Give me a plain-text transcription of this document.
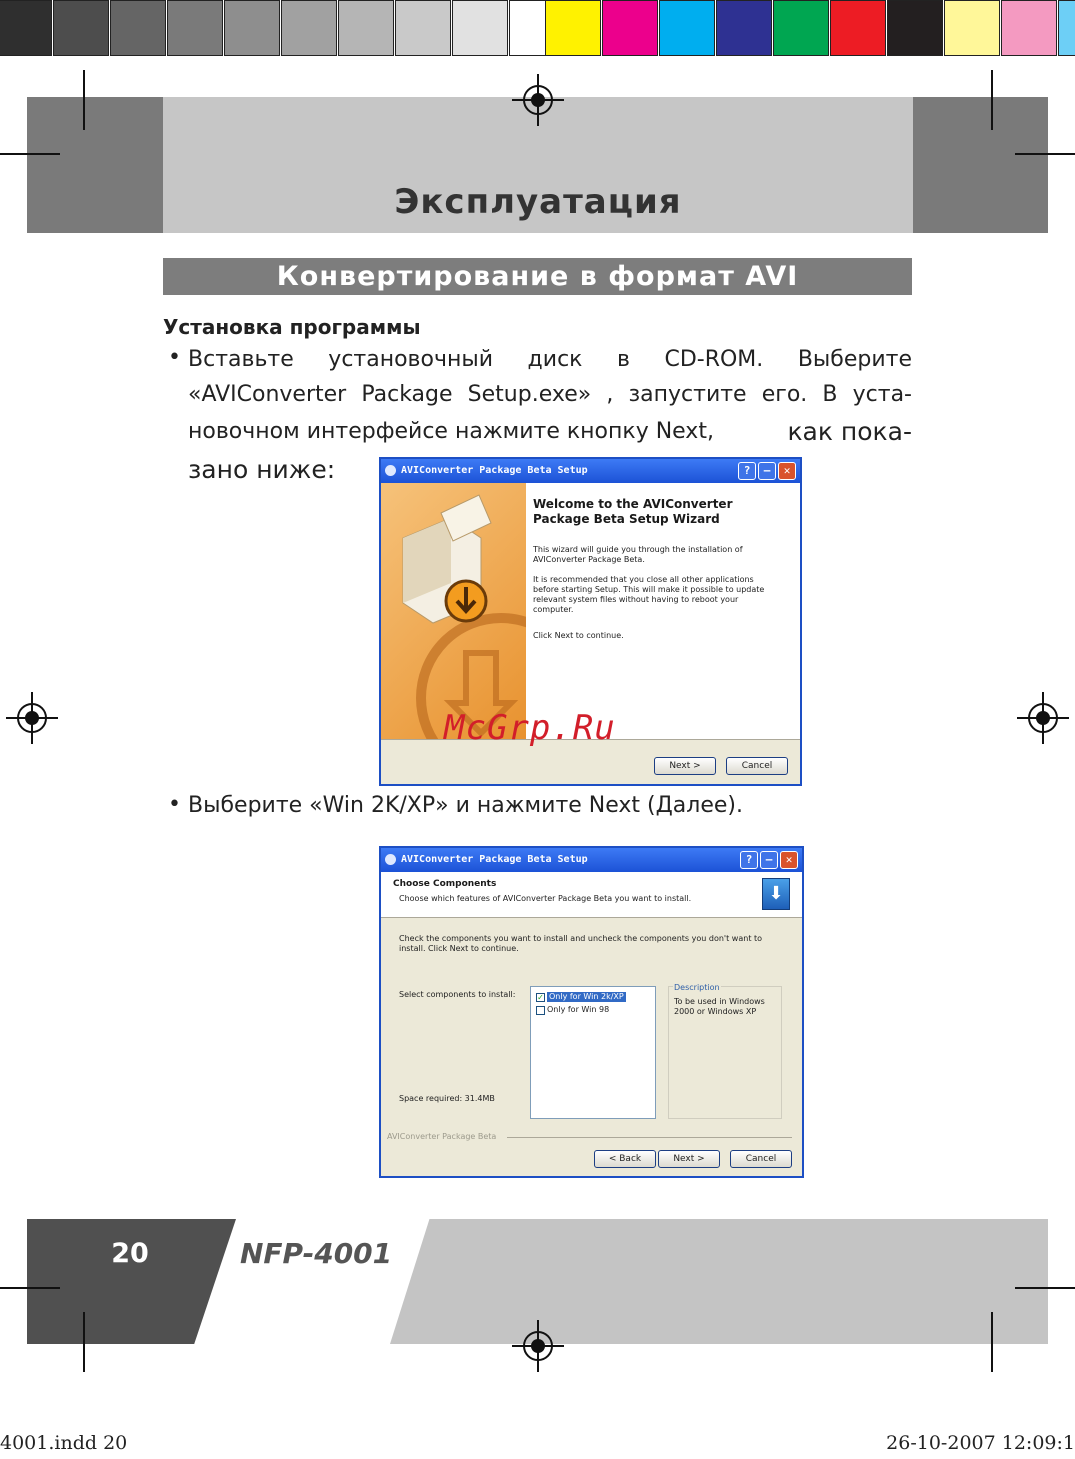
Эксплуатация
Конвертирование в формат AVI
Установка программы
• Вставьте установочный диск в CD-ROM. Выберите
«AVIConverter Package Setup.exe» , запустите его. В уста-
новочном интерфейсе нажмите кнопку Next,	как пока-
зано ниже:	AVIConverter Package Beta Setup	?	–	✕
Welcome to the AVIConverter Package Beta Setup Wizard
This wizard will guide you through the installation of AVIConverter Package Beta.
It is recommended that you close all other applications before starting Setup. This will make it possible to update relevant system files without having to reboot your computer.
Click Next to continue.
Next >	Cancel
McGrp.Ru
• Выберите «Win 2K/XP» и нажмите Next (Далее).
AVIConverter Package Beta Setup	?	–	✕
Choose Components
Choose which features of AVIConverter Package Beta you want to install.	⬇
Check the components you want to install and uncheck the components you don't want to install. Click Next to continue.
Select components to install:	✓ Only for Win 2k/XP
Only for Win 98
Description
To be used in Windows 2000 or Windows XP
Space required: 31.4MB
AVIConverter Package Beta
< Back	Next >	Cancel
20	NFP-4001
4001.indd 20	26-10-2007 12:09:1
